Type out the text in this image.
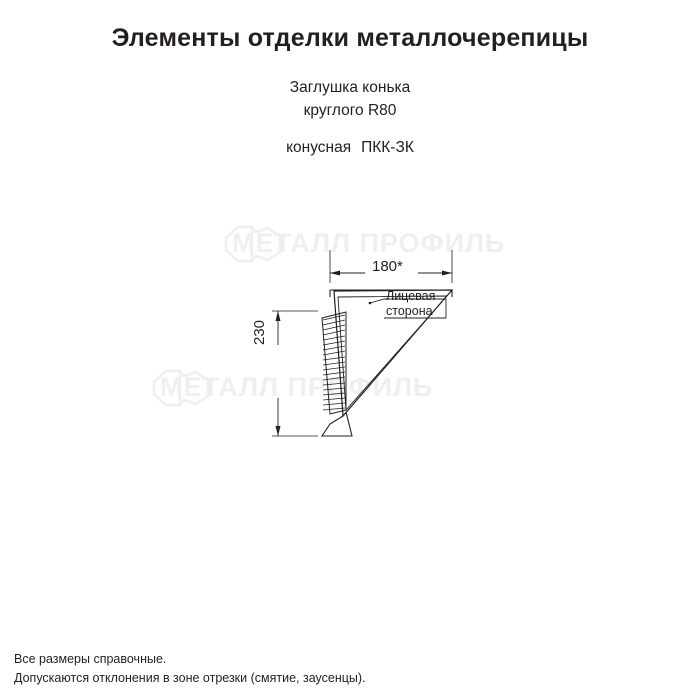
Элементы отделки металлочерепицы
Заглушка конька
круглого R80
конусная ПКК-ЗК
МЕТАЛЛ ПРОФИЛЬ
МЕТАЛЛ ПРОФИЛЬ
180*
230
Лицевая
сторона
Все размеры справочные.
Допускаются отклонения в зоне отрезки (смятие, заусенцы).
